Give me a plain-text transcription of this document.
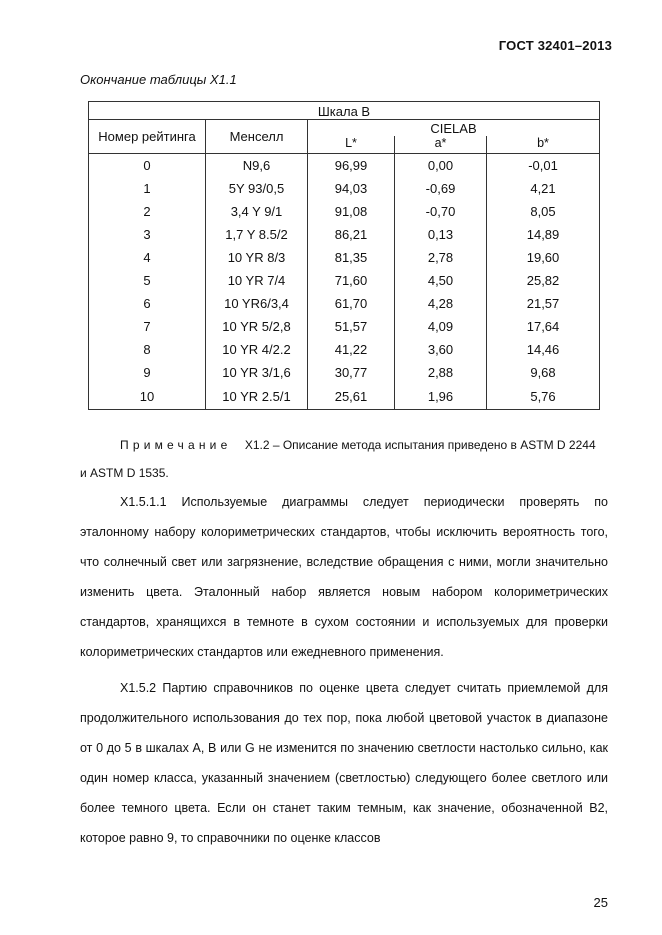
ГОСТ 32401–2013
Окончание таблицы X1.1
Шкала B				
Номер рейтинга	Менселл	CIELAB		
		L*	a*	b*
0	N9,6	96,99	0,00	-0,01
1	5Y 93/0,5	94,03	-0,69	4,21
2	3,4 Y 9/1	91,08	-0,70	8,05
3	1,7 Y 8.5/2	86,21	0,13	14,89
4	10 YR 8/3	81,35	2,78	19,60
5	10 YR 7/4	71,60	4,50	25,82
6	10 YR6/3,4	61,70	4,28	21,57
7	10 YR 5/2,8	51,57	4,09	17,64
8	10 YR 4/2.2	41,22	3,60	14,46
9	10 YR 3/1,6	30,77	2,88	9,68
10	10 YR 2.5/1	25,61	1,96	5,76
Примечание X1.2 – Описание метода испытания приведено в ASTM D 2244
и ASTM D 1535.

X1.5.1.1 Используемые диаграммы следует периодически проверять по эталонному набору колориметрических стандартов, чтобы исключить вероятность того, что солнечный свет или загрязнение, вследствие обращения с ними, могли значительно изменить цвета. Эталонный набор является новым набором колориметрических стандартов, хранящихся в темноте в сухом состоянии и используемых для проверки колориметрических стандартов или ежедневного применения.

X1.5.2 Партию справочников по оценке цвета следует считать приемлемой для продолжительного использования до тех пор, пока любой цветовой участок в диапазоне от 0 до 5 в шкалах A, B или G не изменится по значению светлости настолько сильно, как один номер класса, указанный значением (светлостью) следующего более светлого или более темного цвета. Если он станет таким темным, как значение, обозначенной B2, которое равно 9, то справочники по оценке классов

25
